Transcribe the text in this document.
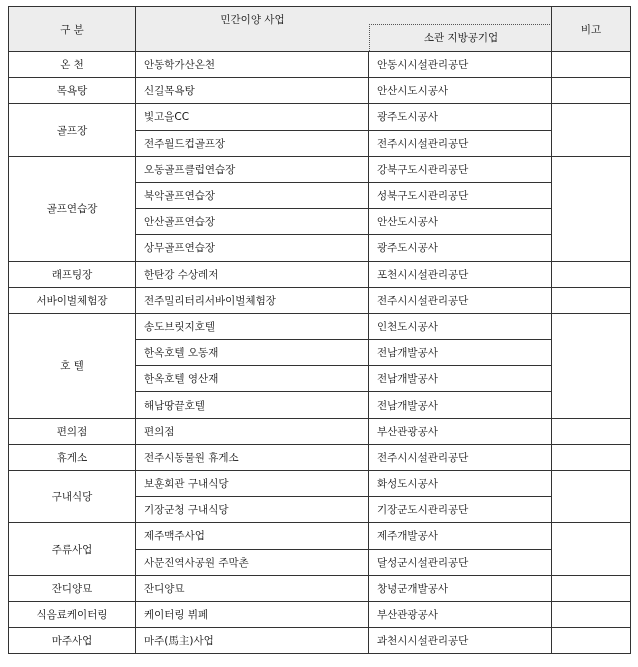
구 분	민간이양 사업
소관 지방공기업		비고
온 천	안동학가산온천	안동시시설관리공단	
목욕탕	신길목욕탕	안산시도시공사	
골프장	빛고을CC	광주도시공사	
	전주월드컵골프장	전주시시설관리공단	
골프연습장	오동골프클럽연습장	강북구도시관리공단	
	북악골프연습장	성북구도시관리공단	
	안산골프연습장	안산도시공사	
	상무골프연습장	광주도시공사	
래프팅장	한탄강 수상레저	포천시시설관리공단	
서바이벌체험장	전주밀리터리서바이벌체험장	전주시시설관리공단	
호 텔	송도브릿지호텔	인천도시공사	
	한옥호텔 오동재	전남개발공사	
	한옥호텔 영산재	전남개발공사	
	해남땅끝호텔	전남개발공사	
편의점	편의점	부산관광공사	
휴게소	전주시동물원 휴게소	전주시시설관리공단	
구내식당	보훈회관 구내식당	화성도시공사	
	기장군청 구내식당	기장군도시관리공단	
주류사업	제주맥주사업	제주개발공사	
	사문진역사공원 주막촌	달성군시설관리공단	
잔디양묘	잔디양묘	창녕군개발공사	
식음료케이터링	케이터링 뷔페	부산관광공사	
마주사업	마주(馬主)사업	과천시시설관리공단	
